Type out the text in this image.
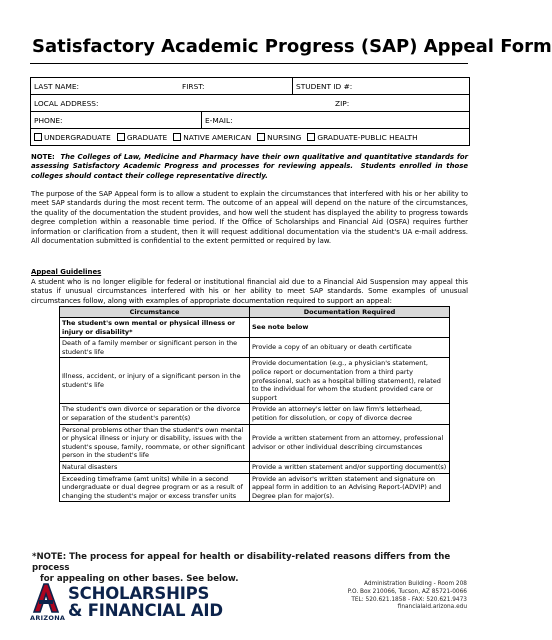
Satisfactory Academic Progress (SAP) Appeal Form
LAST NAME:	FIRST:	STUDENT ID #:
LOCAL ADDRESS:	ZIP:
PHONE:	E-MAIL:
UNDERGRADUATE GRADUATE NATIVE AMERICAN NURSING GRADUATE-PUBLIC HEALTH
NOTE: The Colleges of Law, Medicine and Pharmacy have their own qualitative and quantitative standards for assessing Satisfactory Academic Progress and processes for reviewing appeals. Students enrolled in those colleges should contact their college representative directly.
The purpose of the SAP Appeal form is to allow a student to explain the circumstances that interfered with his or her ability to meet SAP standards during the most recent term. The outcome of an appeal will depend on the nature of the circumstances, the quality of the documentation the student provides, and how well the student has displayed the ability to progress towards degree completion within a reasonable time period. If the Office of Scholarships and Financial Aid (OSFA) requires further information or clarification from a student, then it will request additional documentation via the student's UA e-mail address. All documentation submitted is confidential to the extent permitted or required by law.
Appeal Guidelines
A student who is no longer eligible for federal or institutional financial aid due to a Financial Aid Suspension may appeal this status if unusual circumstances interfered with his or her ability to meet SAP standards. Some examples of unusual circumstances follow, along with examples of appropriate documentation required to support an appeal:
Circumstance	Documentation Required
The student's own mental or physical illness or injury or disability*	See note below
Death of a family member or significant person in the student's life	Provide a copy of an obituary or death certificate
Illness, accident, or injury of a significant person in the student's life	Provide documentation (e.g., a physician's statement, police report or documentation from a third party professional, such as a hospital billing statement), related to the individual for whom the student provided care or support
The student's own divorce or separation or the divorce or separation of the student's parent(s)	Provide an attorney's letter on law firm's letterhead, petition for dissolution, or copy of divorce decree
Personal problems other than the student's own mental or physical illness or injury or disability, issues with the student's spouse, family, roommate, or other significant person in the student's life	Provide a written statement from an attorney, professional advisor or other individual describing circumstances
Natural disasters	Provide a written statement and/or supporting document(s)
Exceeding timeframe (amt units) while in a second undergraduate or dual degree program or as a result of changing the student's major or excess transfer units	Provide an advisor's written statement and signature on appeal form in addition to an Advising Report-(ADVIP) and Degree plan for major(s).
*NOTE: The process for appeal for health or disability-related reasons differs from the process
for appealing on other bases. See below.
ARIZONA
SCHOLARSHIPS
& FINANCIAL AID
Administration Building - Room 208
P.O. Box 210066, Tucson, AZ 85721-0066
TEL: 520.621.1858 - FAX: 520.621.9473
financialaid.arizona.edu
